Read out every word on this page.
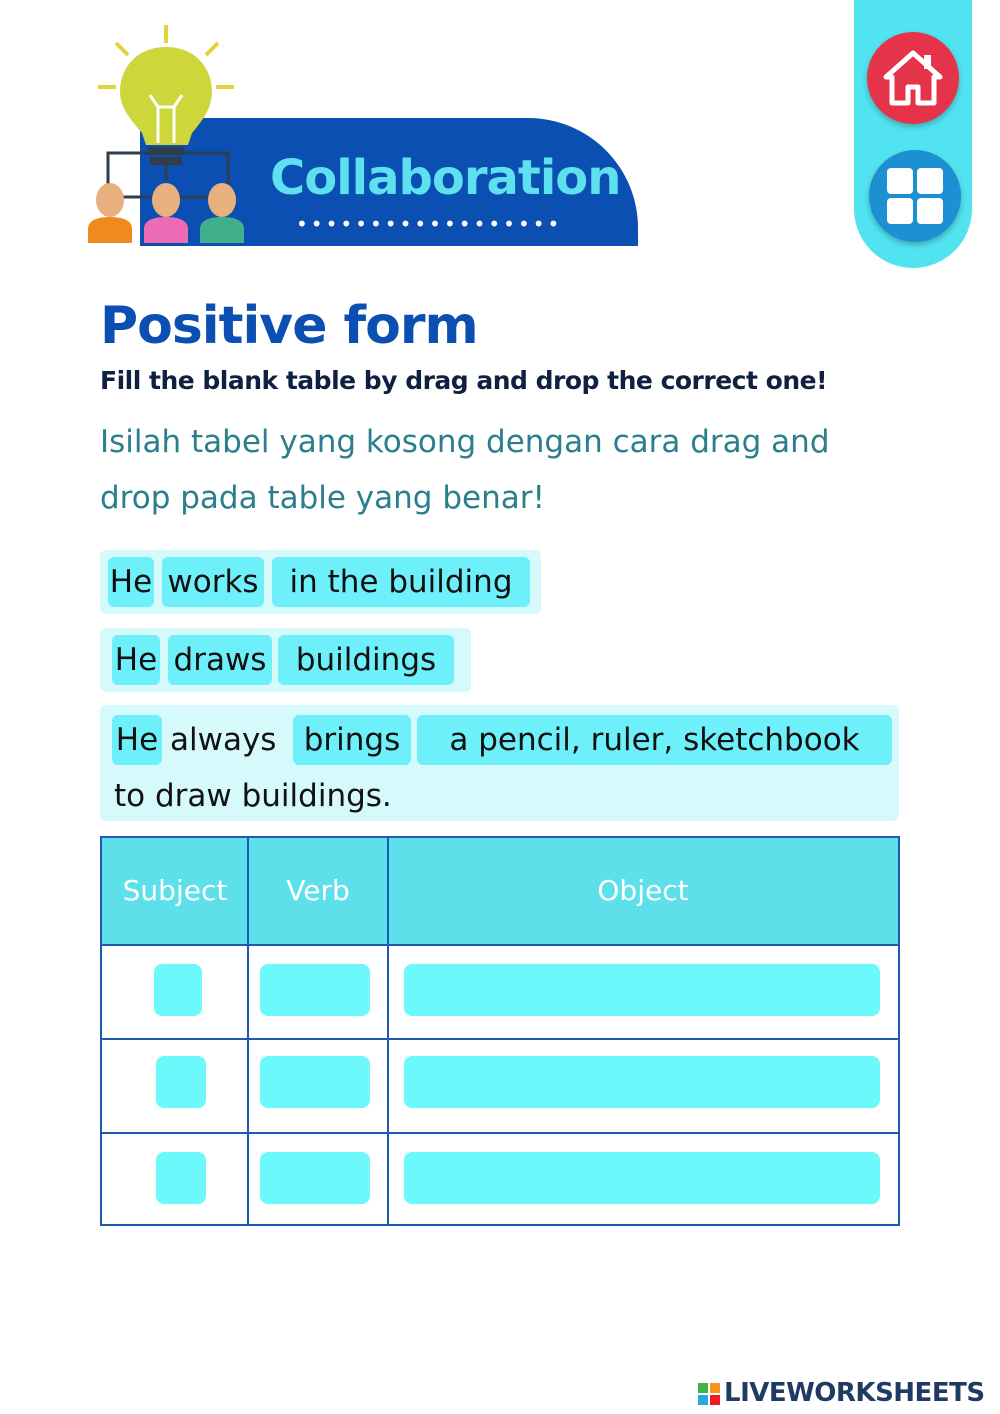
Collaboration
••••••••••••••••••
Positive form
Fill the blank table by drag and drop the correct one!
Isilah tabel yang kosong dengan cara drag and drop pada table yang benar!
He works in the building
He draws buildings
He always brings	a pencil, ruler, sketchbook
to draw buildings.
Subject	Verb	Object
LIVEWORKSHEETS
